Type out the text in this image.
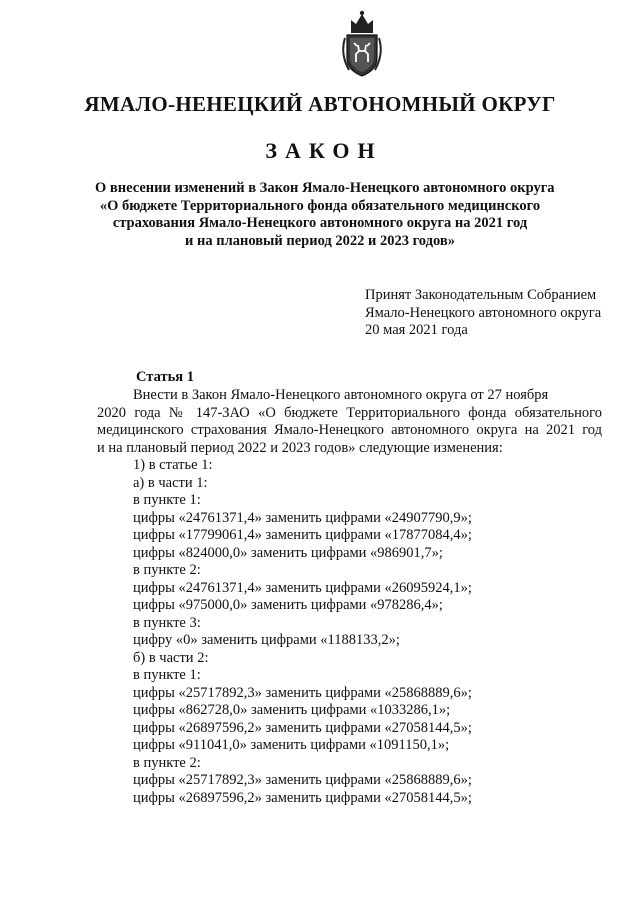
ЯМАЛО-НЕНЕЦКИЙ АВТОНОМНЫЙ ОКРУГ
ЗАКОН
О внесении изменений в Закон Ямало-Ненецкого автономного округа
«О бюджете Территориального фонда обязательного медицинского
страхования Ямало-Ненецкого автономного округа на 2021 год
и на плановый период 2022 и 2023 годов»
Принят Законодательным Собранием
Ямало-Ненецкого автономного округа
20 мая 2021 года
Статья 1
Внести в Закон Ямало-Ненецкого автономного округа от 27 ноября
2020 года № 147-ЗАО «О бюджете Территориального фонда обязательного
медицинского страхования Ямало-Ненецкого автономного округа на 2021 год
и на плановый период 2022 и 2023 годов» следующие изменения:
1) в статье 1:
а) в части 1:
в пункте 1:
цифры «24761371,4» заменить цифрами «24907790,9»;
цифры «17799061,4» заменить цифрами «17877084,4»;
цифры «824000,0» заменить цифрами «986901,7»;
в пункте 2:
цифры «24761371,4» заменить цифрами «26095924,1»;
цифры «975000,0» заменить цифрами «978286,4»;
в пункте 3:
цифру «0» заменить цифрами «1188133,2»;
б) в части 2:
в пункте 1:
цифры «25717892,3» заменить цифрами «25868889,6»;
цифры «862728,0» заменить цифрами «1033286,1»;
цифры «26897596,2» заменить цифрами «27058144,5»;
цифры «911041,0» заменить цифрами «1091150,1»;
в пункте 2:
цифры «25717892,3» заменить цифрами «25868889,6»;
цифры «26897596,2» заменить цифрами «27058144,5»;
